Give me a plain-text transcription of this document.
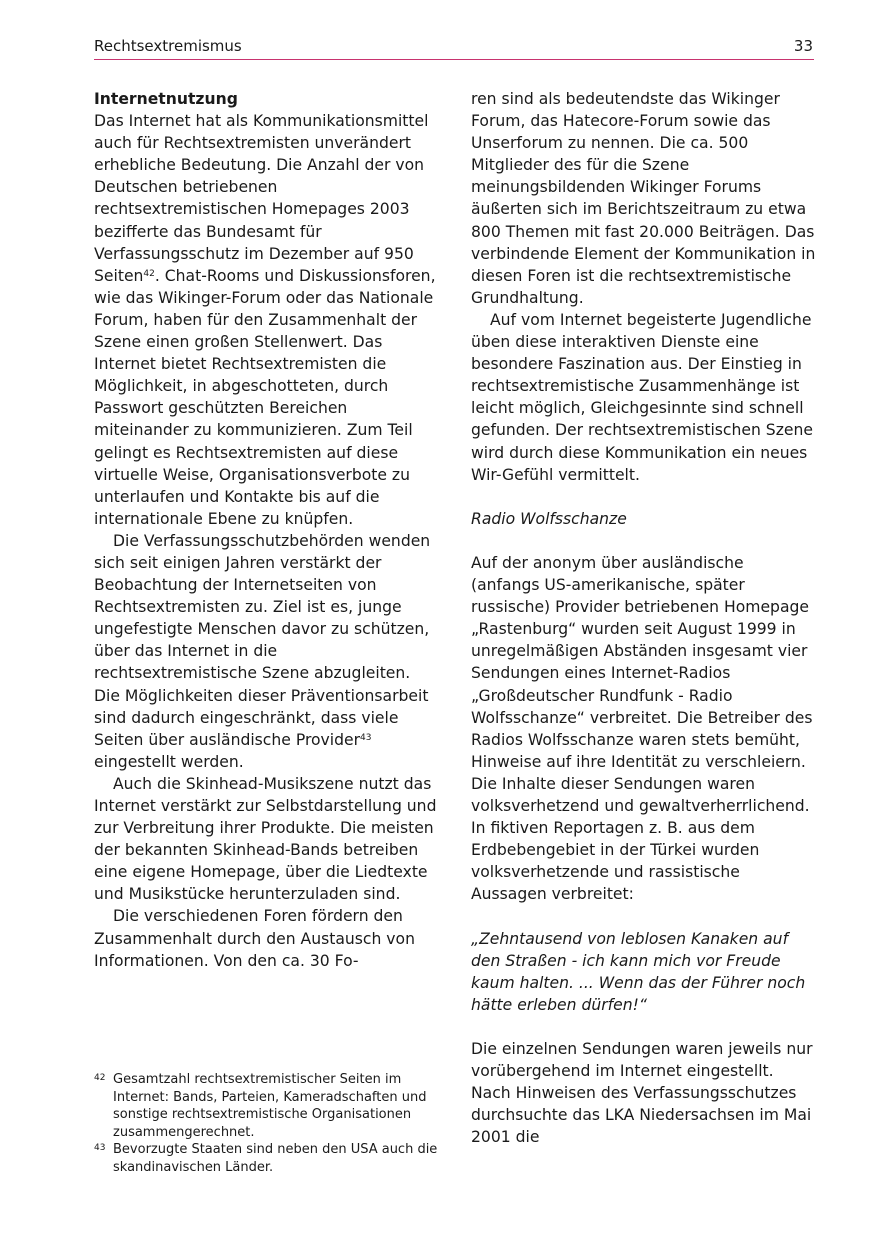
Rechtsextremismus	33

Internetnutzung

Das Internet hat als Kommunikationsmittel auch für Rechtsextremisten unverändert erhebliche Bedeutung. Die Anzahl der von Deutschen betriebenen rechtsextremistischen Homepages 2003 bezifferte das Bundesamt für Verfassungsschutz im Dezember auf 950 Seiten$^{42}$. Chat-Rooms und Diskussionsforen, wie das Wikinger-Forum oder das Nationale Forum, haben für den Zusammenhalt der Szene einen großen Stellenwert. Das Internet bietet Rechtsextremisten die Möglichkeit, in abgeschotteten, durch Passwort geschützten Bereichen miteinander zu kommunizieren. Zum Teil gelingt es Rechtsextremisten auf diese virtuelle Weise, Organisationsverbote zu unterlaufen und Kontakte bis auf die internationale Ebene zu knüpfen.

Die Verfassungsschutzbehörden wenden sich seit einigen Jahren verstärkt der Beobachtung der Internetseiten von Rechtsextremisten zu. Ziel ist es, junge ungefestigte Menschen davor zu schützen, über das Internet in die rechtsextremistische Szene abzugleiten. Die Möglichkeiten dieser Präventionsarbeit sind dadurch eingeschränkt, dass viele Seiten über ausländische Provider$^{43}$ eingestellt werden.

Auch die Skinhead-Musikszene nutzt das Internet verstärkt zur Selbstdarstellung und zur Verbreitung ihrer Produkte. Die meisten der bekannten Skinhead-Bands betreiben eine eigene Homepage, über die Liedtexte und Musikstücke herunterzuladen sind.

Die verschiedenen Foren fördern den Zusammenhalt durch den Austausch von Informationen. Von den ca. 30 Fo-

ren sind als bedeutendste das Wikinger Forum, das Hatecore-Forum sowie das Unserforum zu nennen. Die ca. 500 Mitglieder des für die Szene meinungsbildenden Wikinger Forums äußerten sich im Berichtszeitraum zu etwa 800 Themen mit fast 20.000 Beiträgen. Das verbindende Element der Kommunikation in diesen Foren ist die rechtsextremistische Grundhaltung.

Auf vom Internet begeisterte Jugendliche üben diese interaktiven Dienste eine besondere Faszination aus. Der Einstieg in rechtsextremistische Zusammenhänge ist leicht möglich, Gleichgesinnte sind schnell gefunden. Der rechtsextremistischen Szene wird durch diese Kommunikation ein neues Wir-Gefühl vermittelt.

Radio Wolfsschanze

Auf der anonym über ausländische (anfangs US-amerikanische, später russische) Provider betriebenen Homepage „Rastenburg“ wurden seit August 1999 in unregelmäßigen Abständen insgesamt vier Sendungen eines Internet-Radios „Großdeutscher Rundfunk - Radio Wolfsschanze“ verbreitet. Die Betreiber des Radios Wolfsschanze waren stets bemüht, Hinweise auf ihre Identität zu verschleiern. Die Inhalte dieser Sendungen waren volksverhetzend und gewaltverherrlichend. In fiktiven Reportagen z. B. aus dem Erdbebengebiet in der Türkei wurden volksverhetzende und rassistische Aussagen verbreitet:

„Zehntausend von leblosen Kanaken auf den Straßen - ich kann mich vor Freude kaum halten. ... Wenn das der Führer noch hätte erleben dürfen!“

Die einzelnen Sendungen waren jeweils nur vorübergehend im Internet eingestellt. Nach Hinweisen des Verfassungsschutzes durchsuchte das LKA Niedersachsen im Mai 2001 die

42 Gesamtzahl rechtsextremistischer Seiten im Internet: Bands, Parteien, Kameradschaften und sonstige rechtsextremistische Organisationen zusammengerechnet.

43 Bevorzugte Staaten sind neben den USA auch die skandinavischen Länder.
